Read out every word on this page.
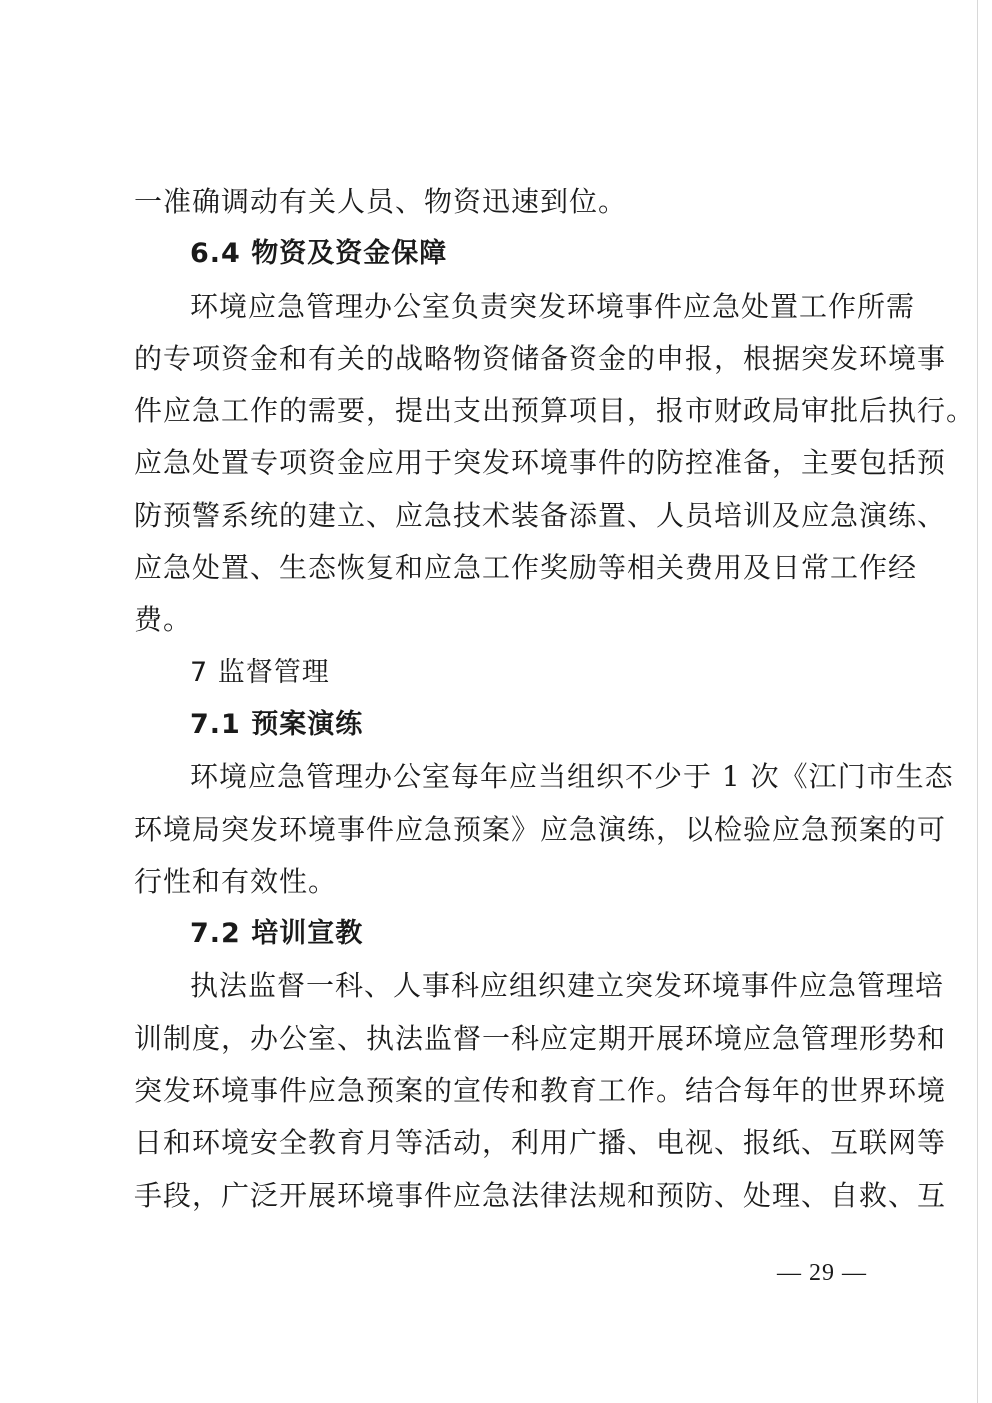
一准确调动有关人员、物资迅速到位。
6.4 物资及资金保障
环境应急管理办公室负责突发环境事件应急处置工作所需
的专项资金和有关的战略物资储备资金的申报，根据突发环境事
件应急工作的需要，提出支出预算项目，报市财政局审批后执行。
应急处置专项资金应用于突发环境事件的防控准备，主要包括预
防预警系统的建立、应急技术装备添置、人员培训及应急演练、
应急处置、生态恢复和应急工作奖励等相关费用及日常工作经
费。
7 监督管理
7.1 预案演练
环境应急管理办公室每年应当组织不少于 1 次《江门市生态
环境局突发环境事件应急预案》应急演练，以检验应急预案的可
行性和有效性。
7.2 培训宣教
执法监督一科、人事科应组织建立突发环境事件应急管理培
训制度，办公室、执法监督一科应定期开展环境应急管理形势和
突发环境事件应急预案的宣传和教育工作。结合每年的世界环境
日和环境安全教育月等活动，利用广播、电视、报纸、互联网等
手段，广泛开展环境事件应急法律法规和预防、处理、自救、互
— 29 —
